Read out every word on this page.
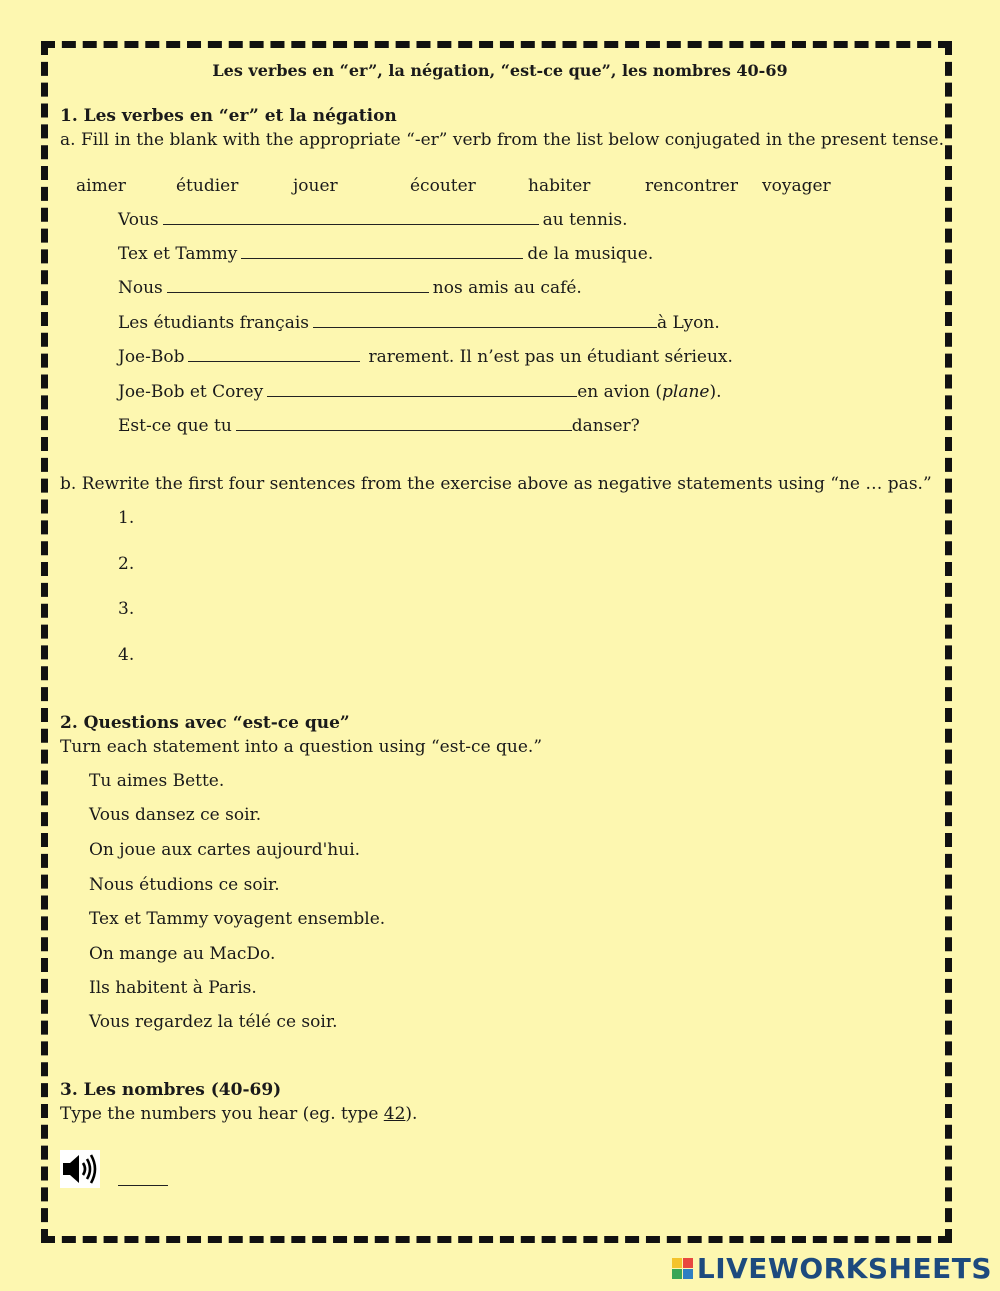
Les verbes en “er”, la négation, “est-ce que”, les nombres 40-69
1. Les verbes en “er” et la négation
a. Fill in the blank with the appropriate “-er” verb from the list below conjugated in the present tense.
aimer	étudier	jouer	écouter	habiter	rencontrer voyager
Vous	au tennis.
Tex et Tammy	de la musique.
Nous	nos amis au café.
Les étudiants français	à Lyon.
Joe-Bob	rarement. Il n’est pas un étudiant sérieux.
Joe-Bob et Corey	en avion (plane).
Est-ce que tu	danser?
b. Rewrite the first four sentences from the exercise above as negative statements using “ne … pas.”
1.
2.
3.
4.
2. Questions avec “est-ce que”
Turn each statement into a question using “est-ce que.”
Tu aimes Bette.
Vous dansez ce soir.
On joue aux cartes aujourd'hui.
Nous étudions ce soir.
Tex et Tammy voyagent ensemble.
On mange au MacDo.
Ils habitent à Paris.
Vous regardez la télé ce soir.
3. Les nombres (40-69)
Type the numbers you hear (eg. type 42).
LIVEWORKSHEETS
